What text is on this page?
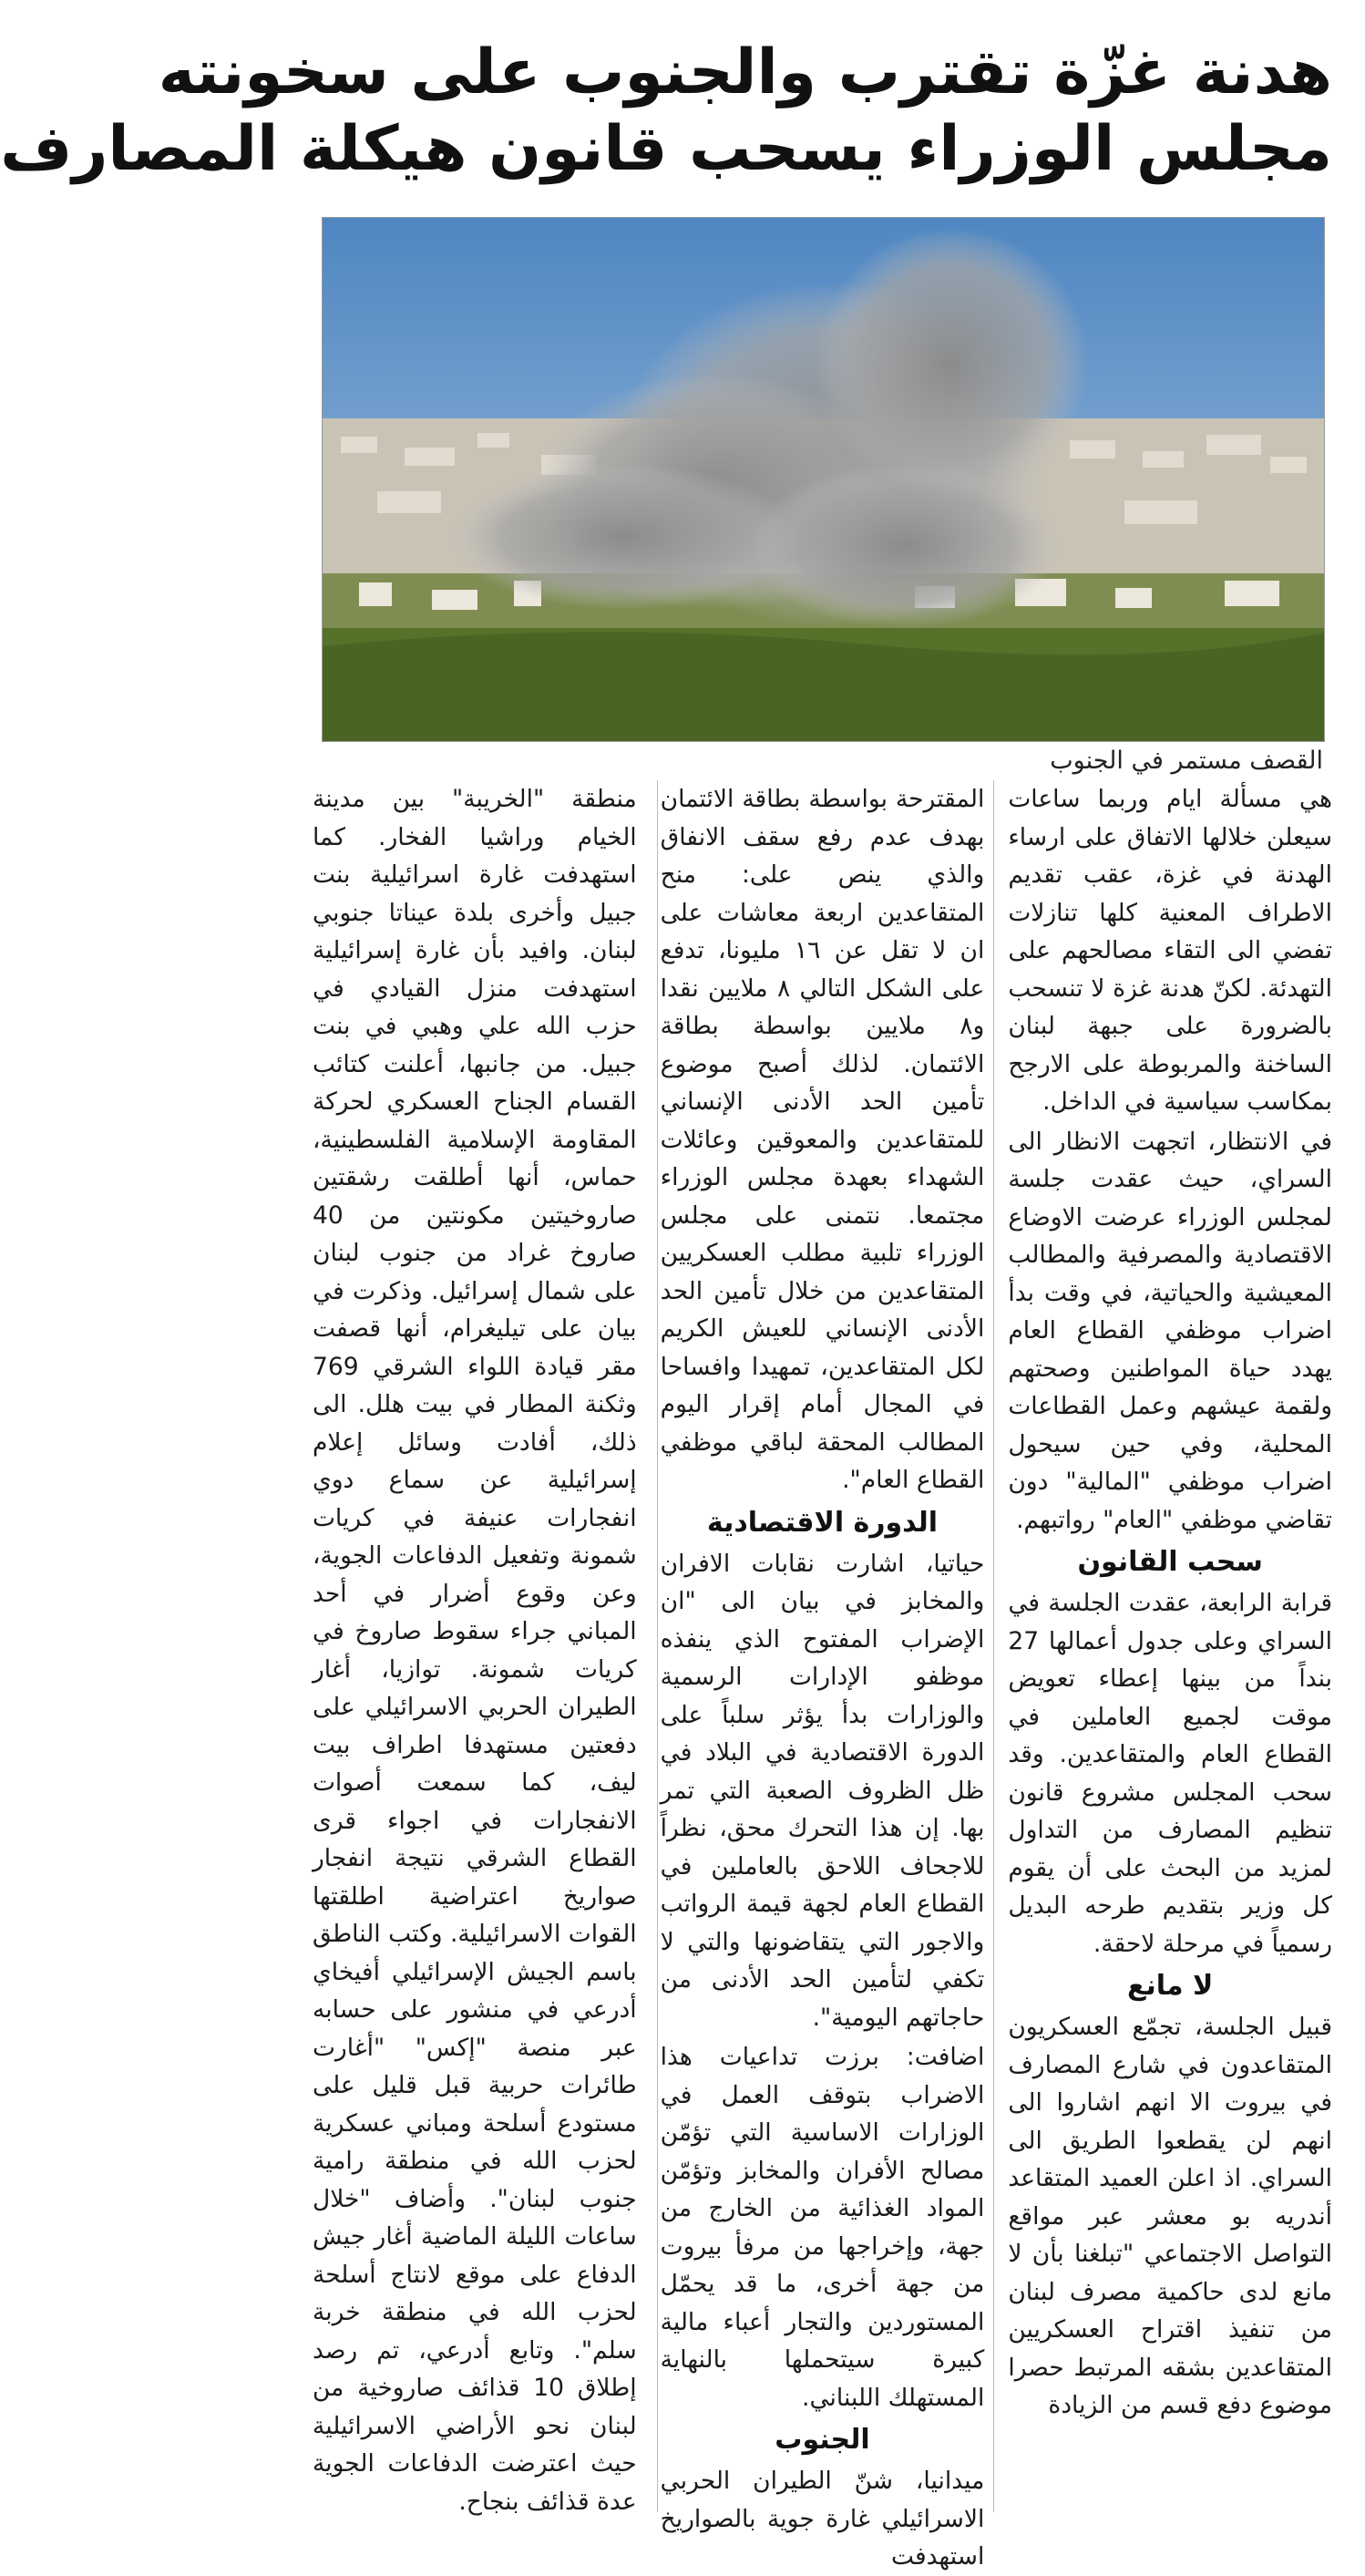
هدنة غزّة تقترب والجنوب على سخونته
مجلس الوزراء يسحب قانون هيكلة المصارف
القصف مستمر في الجنوب

هي مسألة ايام وربما ساعات سيعلن خلالها الاتفاق على ارساء الهدنة في غزة، عقب تقديم الاطراف المعنية كلها تنازلات تفضي الى التقاء مصالحهم على التهدئة. لكنّ هدنة غزة لا تنسحب بالضرورة على جبهة لبنان الساخنة والمربوطة على الارجح بمكاسب سياسية في الداخل.

في الانتظار، اتجهت الانظار الى السراي، حيث عقدت جلسة لمجلس الوزراء عرضت الاوضاع الاقتصادية والمصرفية والمطالب المعيشية والحياتية، في وقت بدأ اضراب موظفي القطاع العام يهدد حياة المواطنين وصحتهم ولقمة عيشهم وعمل القطاعات المحلية، وفي حين سيحول اضراب موظفي "المالية" دون تقاضي موظفي "العام" رواتبهم.

سحب القانون

قرابة الرابعة، عقدت الجلسة في السراي وعلى جدول أعمالها 27 بنداً من بينها إعطاء تعويض موقت لجميع العاملين في القطاع العام والمتقاعدين. وقد سحب المجلس مشروع قانون تنظيم المصارف من التداول لمزيد من البحث على أن يقوم كل وزير بتقديم طرحه البديل رسمياً في مرحلة لاحقة.

لا مانع

قبيل الجلسة، تجمّع العسكريون المتقاعدون في شارع المصارف في بيروت الا انهم اشاروا الى انهم لن يقطعوا الطريق الى السراي. اذ اعلن العميد المتقاعد أندريه بو معشر عبر مواقع التواصل الاجتماعي "تبلغنا بأن لا مانع لدى حاكمية مصرف لبنان من تنفيذ اقتراح العسكريين المتقاعدين بشقه المرتبط حصرا موضوع دفع قسم من الزيادة

المقترحة بواسطة بطاقة الائتمان بهدف عدم رفع سقف الانفاق والذي ينص على: منح المتقاعدين اربعة معاشات على ان لا تقل عن ١٦ مليونا، تدفع على الشكل التالي ٨ ملايين نقدا و٨ ملايين بواسطة بطاقة الائتمان. لذلك أصبح موضوع تأمين الحد الأدنى الإنساني للمتقاعدين والمعوقين وعائلات الشهداء بعهدة مجلس الوزراء مجتمعا. نتمنى على مجلس الوزراء تلبية مطلب العسكريين المتقاعدين من خلال تأمين الحد الأدنى الإنساني للعيش الكريم لكل المتقاعدين، تمهيدا وافساحا في المجال أمام إقرار اليوم المطالب المحقة لباقي موظفي القطاع العام".

الدورة الاقتصادية

حياتيا، اشارت نقابات الافران والمخابز في بيان الى "ان الإضراب المفتوح الذي ينفذه موظفو الإدارات الرسمية والوزارات بدأ يؤثر سلباً على الدورة الاقتصادية في البلاد في ظل الظروف الصعبة التي تمر بها. إن هذا التحرك محق، نظراً للاجحاف اللاحق بالعاملين في القطاع العام لجهة قيمة الرواتب والاجور التي يتقاضونها والتي لا تكفي لتأمين الحد الأدنى من حاجاتهم اليومية".

اضافت: برزت تداعيات هذا الاضراب بتوقف العمل في الوزارات الاساسية التي تؤمّن مصالح الأفران والمخابز وتؤمّن المواد الغذائية من الخارج من جهة، وإخراجها من مرفأ بيروت من جهة أخرى، ما قد يحمّل المستوردين والتجار أعباء مالية كبيرة سيتحملها بالنهاية المستهلك اللبناني.

الجنوب

ميدانيا، شنّ الطيران الحربي الاسرائيلي غارة جوية بالصواريخ استهدفت

منطقة "الخريبة" بين مدينة الخيام وراشيا الفخار. كما استهدفت غارة اسرائيلية بنت جبيل وأخرى بلدة عيناتا جنوبي لبنان. وافيد بأن غارة إسرائيلية استهدفت منزل القيادي في حزب الله علي وهبي في بنت جبيل. من جانبها، أعلنت كتائب القسام الجناح العسكري لحركة المقاومة الإسلامية الفلسطينية، حماس، أنها أطلقت رشقتين صاروخيتين مكونتين من 40 صاروخ غراد من جنوب لبنان على شمال إسرائيل. وذكرت في بيان على تيليغرام، أنها قصفت مقر قيادة اللواء الشرقي 769 وثكنة المطار في بيت هلل. الى ذلك، أفادت وسائل إعلام إسرائيلية عن سماع دوي انفجارات عنيفة في كريات شمونة وتفعيل الدفاعات الجوية، وعن وقوع أضرار في أحد المباني جراء سقوط صاروخ في كريات شمونة. توازيا، أغار الطيران الحربي الاسرائيلي على دفعتين مستهدفا اطراف بيت ليف، كما سمعت أصوات الانفجارات في اجواء قرى القطاع الشرقي نتيجة انفجار صواريخ اعتراضية اطلقتها القوات الاسرائيلية. وكتب الناطق باسم الجيش الإسرائيلي أفيخاي أدرعي في منشور على حسابه عبر منصة "إكس" "أغارت طائرات حربية قبل قليل على مستودع أسلحة ومباني عسكرية لحزب الله في منطقة رامية جنوب لبنان". وأضاف "خلال ساعات الليلة الماضية أغار جيش الدفاع على موقع لانتاج أسلحة لحزب الله في منطقة خربة سلم". وتابع أدرعي، تم رصد إطلاق 10 قذائف صاروخية من لبنان نحو الأراضي الاسرائيلية حيث اعترضت الدفاعات الجوية عدة قذائف بنجاح.
